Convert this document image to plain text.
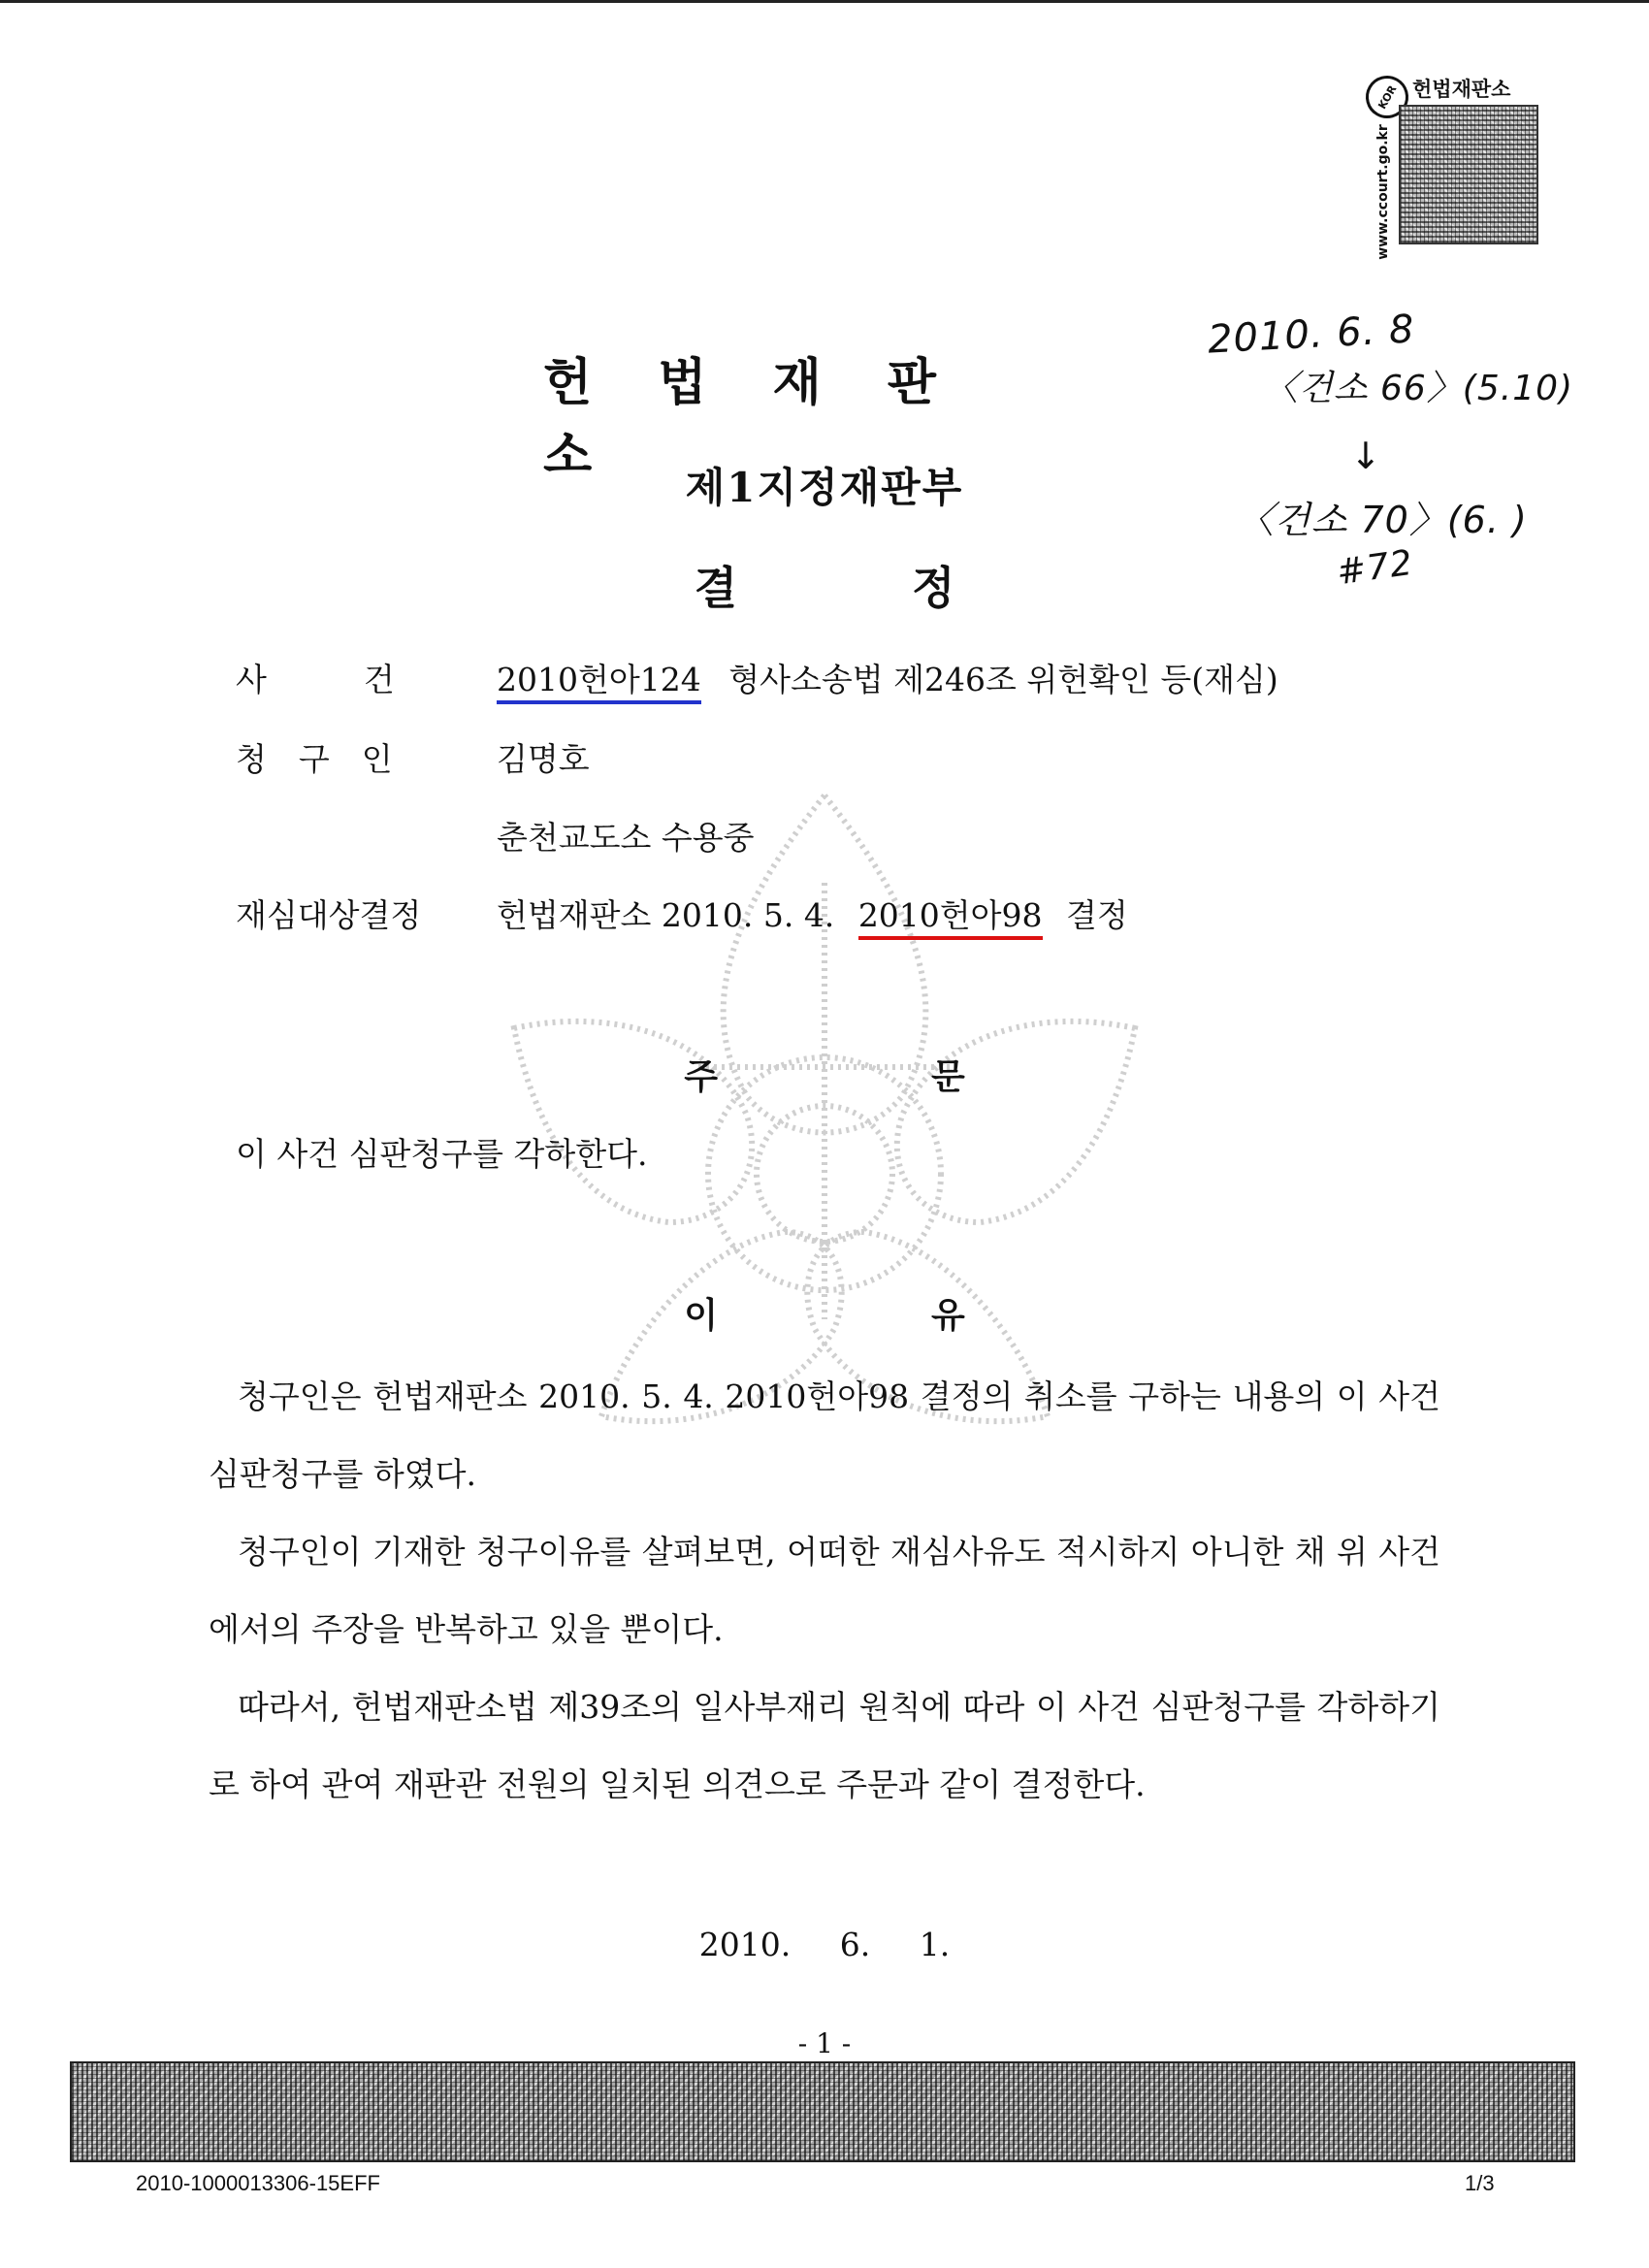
KOR 헌법재판소
www.ccourt.go.kr
2010. 6. 8
〈건소 66〉(5.10)
↓
〈건소 70〉(6. )
#72
헌법재판소
제1지정재판부
결정
사건 2010헌아124 형사소송법 제246조 위헌확인 등(재심)
청구인 김명호
춘천교도소 수용중
재심대상결정 헌법재판소 2010. 5. 4. 2010헌아98 결정
주문
이 사건 심판청구를 각하한다.
이유

청구인은 헌법재판소 2010. 5. 4. 2010헌아98 결정의 취소를 구하는 내용의 이 사건 심판청구를 하였다.

청구인이 기재한 청구이유를 살펴보면, 어떠한 재심사유도 적시하지 아니한 채 위 사건에서의 주장을 반복하고 있을 뿐이다.

따라서, 헌법재판소법 제39조의 일사부재리 원칙에 따라 이 사건 심판청구를 각하하기로 하여 관여 재판관 전원의 일치된 의견으로 주문과 같이 결정한다.

2010. 6. 1.
- 1 -
2010-1000013306-15EFF	1/3
